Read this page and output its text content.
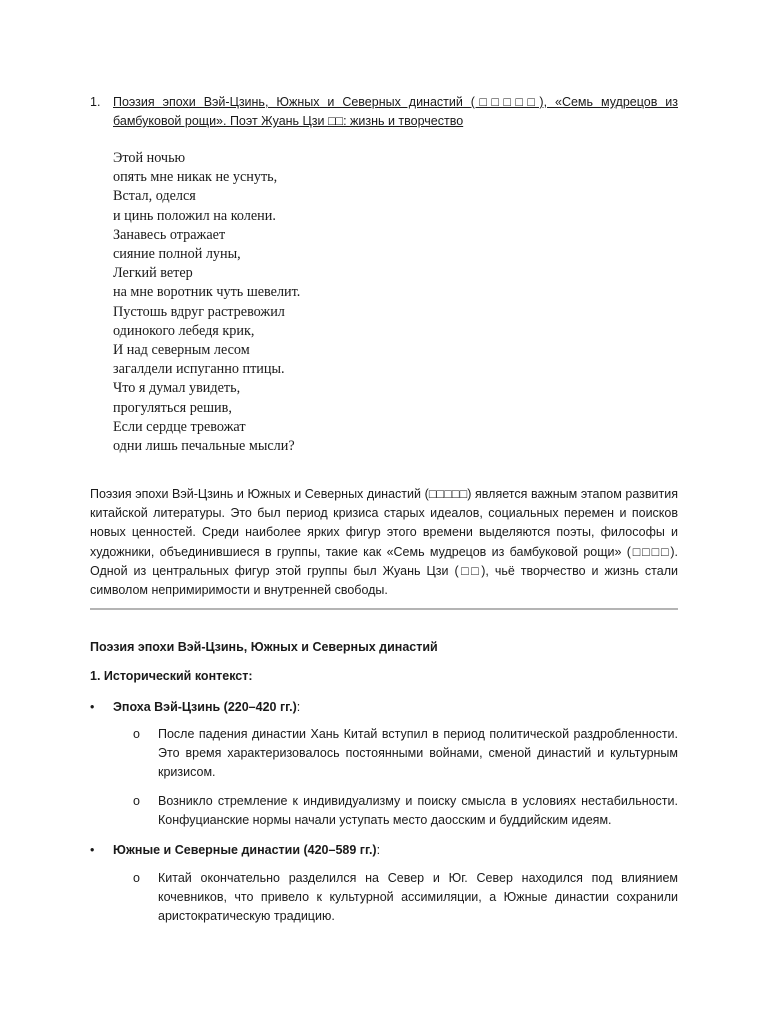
1. Поэзия эпохи Вэй-Цзинь, Южных и Северных династий (□□□□□), «Семь мудрецов из бамбуковой рощи». Поэт Жуань Цзи □□: жизнь и творчество
Этой ночью
опять мне никак не уснуть,
Встал, оделся
и цинь положил на колени.
Занавесь отражает
сияние полной луны,
Легкий ветер
на мне воротник чуть шевелит.
Пустошь вдруг растревожил
одинокого лебедя крик,
И над северным лесом
загалдели испуганно птицы.
Что я думал увидеть,
прогуляться решив,
Если сердце тревожат
одни лишь печальные мысли?

Поэзия эпохи Вэй-Цзинь и Южных и Северных династий (□□□□□) является важным этапом развития китайской литературы. Это был период кризиса старых идеалов, социальных перемен и поисков новых ценностей. Среди наиболее ярких фигур этого времени выделяются поэты, философы и художники, объединившиеся в группы, такие как «Семь мудрецов из бамбуковой рощи» (□□□□). Одной из центральных фигур этой группы был Жуань Цзи (□□), чьё творчество и жизнь стали символом непримиримости и внутренней свободы.

Поэзия эпохи Вэй-Цзинь, Южных и Северных династий
1. Исторический контекст:
•	Эпоха Вэй-Цзинь (220–420 гг.):
o После падения династии Хань Китай вступил в период политической раздробленности. Это время характеризовалось постоянными войнами, сменой династий и культурным кризисом.
o Возникло стремление к индивидуализму и поиску смысла в условиях нестабильности. Конфуцианские нормы начали уступать место даосским и буддийским идеям.
•	Южные и Северные династии (420–589 гг.):
o Китай окончательно разделился на Север и Юг. Север находился под влиянием кочевников, что привело к культурной ассимиляции, а Южные династии сохранили аристократическую традицию.
